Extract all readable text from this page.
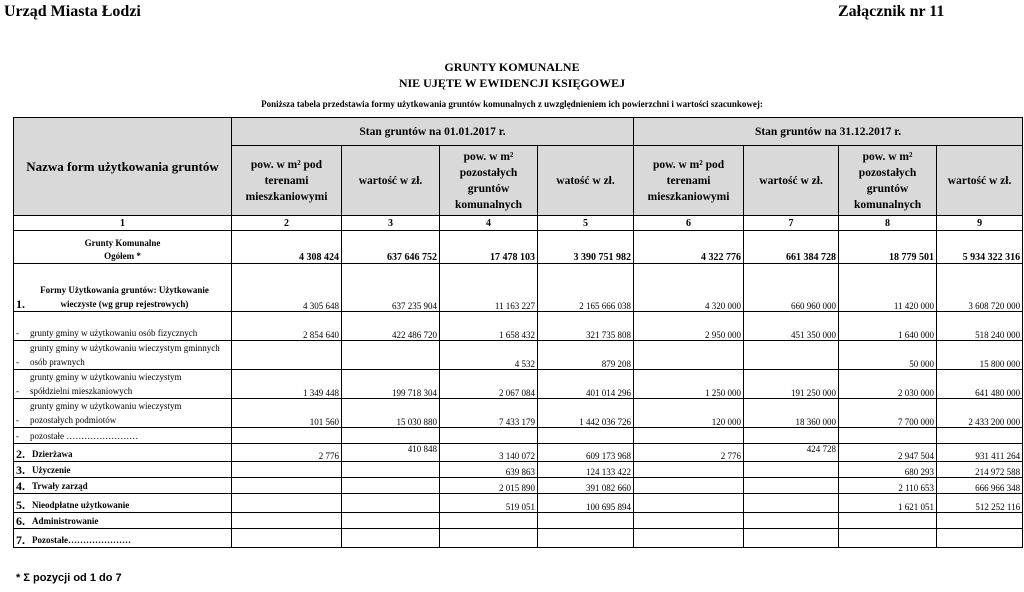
Urząd Miasta Łodzi	Załącznik nr 11
GRUNTY KOMUNALNE
NIE UJĘTE W EWIDENCJI KSIĘGOWEJ
Poniższa tabela przedstawia formy użytkowania gruntów komunalnych z uwzględnieniem ich powierzchni i wartości szacunkowej:
Nazwa form użytkowania gruntów	Stan gruntów na 01.01.2017 r.				Stan gruntów na 31.12.2017 r.			
	pow. w m² pod terenami mieszkaniowymi	wartość w zł.	pow. w m² pozostałych gruntów komunalnych	watość w zł.	pow. w m² pod terenami mieszkaniowymi	wartość w zł.	pow. w m² pozostałych gruntów komunalnych	wartość w zł.
1	2	3	4	5	6	7	8	9

Grunty Komunalne
Ogółem *	4 308 424	637 646 752	17 478 103	3 390 751 982	4 322 776	661 384 728	18 779 501	5 934 322 316
1.Formy Użytkowania gruntów: Użytkowanie wieczyste (wg grup rejestrowych)	4 305 648	637 235 904	11 163 227	2 165 666 038	4 320 000	660 960 000	11 420 000	3 608 720 000
- grunty gminy w użytkowaniu osób fizycznych	2 854 640	422 486 720	1 658 432	321 735 808	2 950 000	451 350 000	1 640 000	518 240 000
-grunty gminy w użytkowaniu wieczystym gminnych osób prawnych			4 532	879 208			50 000	15 800 000
-grunty gminy w użytkowaniu wieczystym spółdzielni mieszkaniowych	1 349 448	199 718 304	2 067 084	401 014 296	1 250 000	191 250 000	2 030 000	641 480 000
-grunty gminy w użytkowaniu wieczystym pozostałych podmiotów	101 560	15 030 880	7 433 179	1 442 036 726	120 000	18 360 000	7 700 000	2 433 200 000
- pozostałe ……………………								
2. Dzierżawa	2 776	410 848	3 140 072	609 173 968	2 776	424 728	2 947 504	931 411 264
3. Użyczenie			639 863	124 133 422			680 293	214 972 588
4. Trwały zarząd			2 015 890	391 082 660			2 110 653	666 966 348
5. Nieodpłatne użytkowanie			519 051	100 695 894			1 621 051	512 252 116
6. Administrowanie								
7. Pozostałe…………………								
* Σ pozycji od 1 do 7
